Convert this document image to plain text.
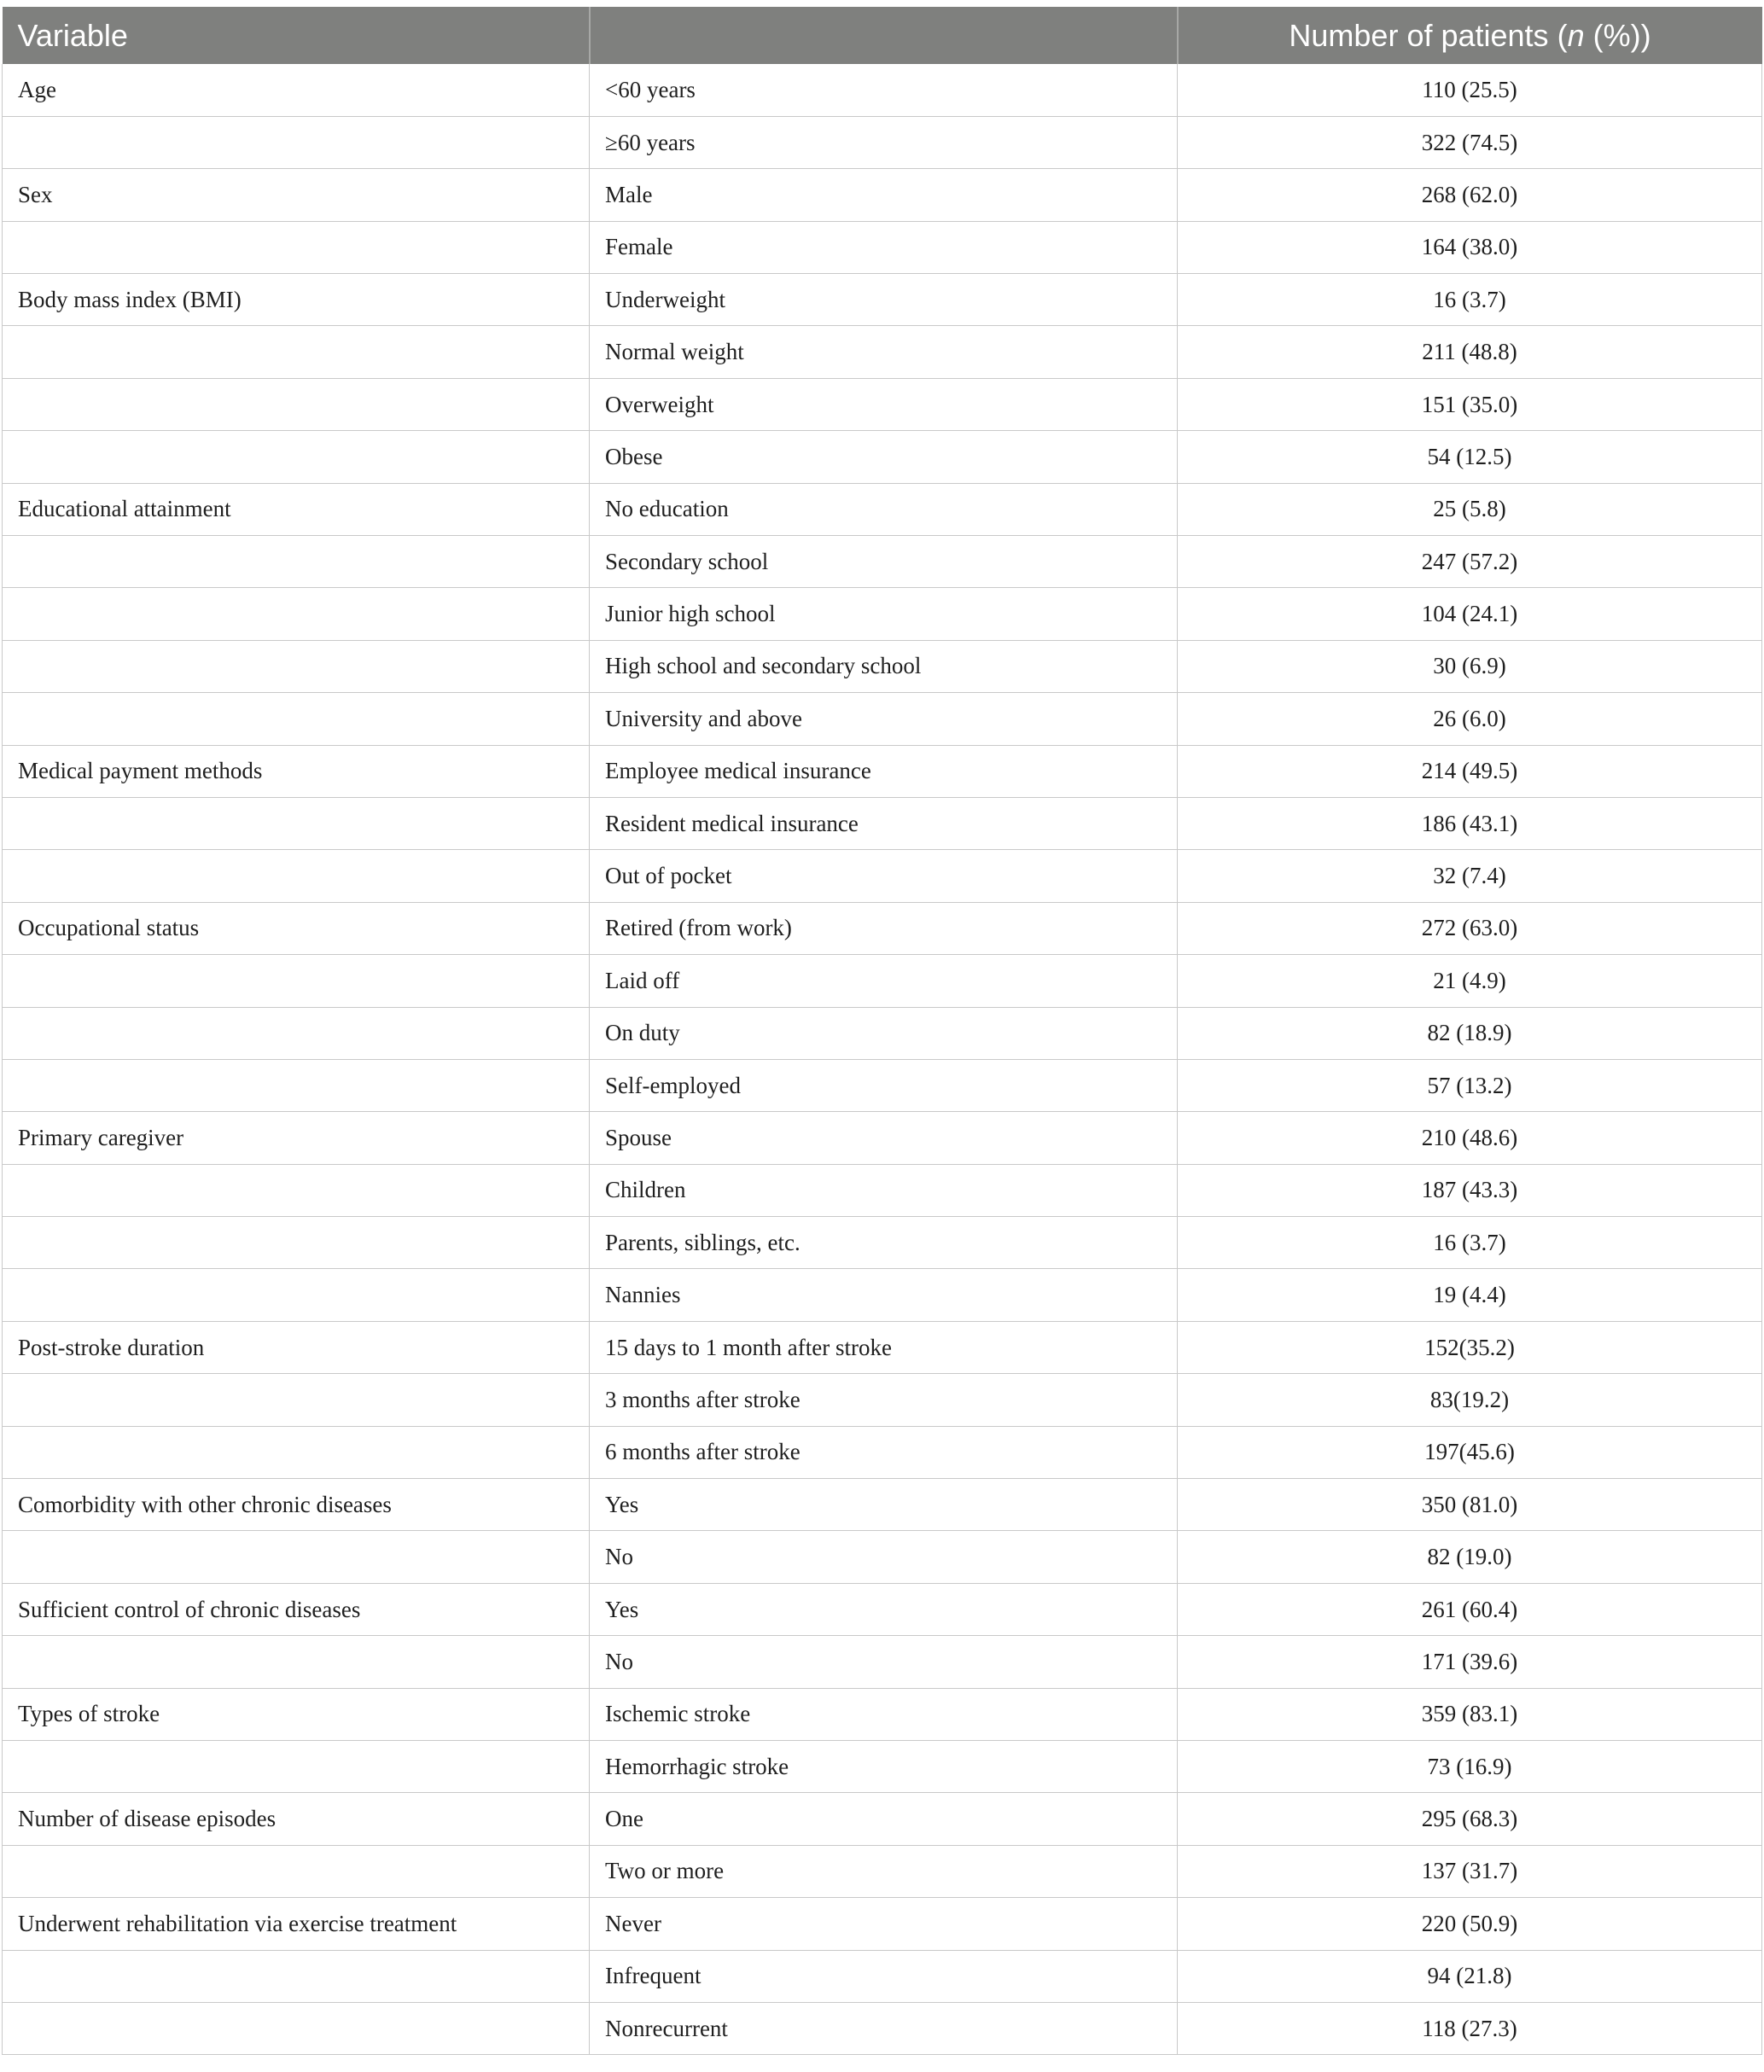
Variable		Number of patients (n (%))
Age	<60 years	110 (25.5)
	≥60 years	322 (74.5)
Sex	Male	268 (62.0)
	Female	164 (38.0)
Body mass index (BMI)	Underweight	16 (3.7)
	Normal weight	211 (48.8)
	Overweight	151 (35.0)
	Obese	54 (12.5)
Educational attainment	No education	25 (5.8)
	Secondary school	247 (57.2)
	Junior high school	104 (24.1)
	High school and secondary school	30 (6.9)
	University and above	26 (6.0)
Medical payment methods	Employee medical insurance	214 (49.5)
	Resident medical insurance	186 (43.1)
	Out of pocket	32 (7.4)
Occupational status	Retired (from work)	272 (63.0)
	Laid off	21 (4.9)
	On duty	82 (18.9)
	Self-employed	57 (13.2)
Primary caregiver	Spouse	210 (48.6)
	Children	187 (43.3)
	Parents, siblings, etc.	16 (3.7)
	Nannies	19 (4.4)
Post-stroke duration	15 days to 1 month after stroke	152(35.2)
	3 months after stroke	83(19.2)
	6 months after stroke	197(45.6)
Comorbidity with other chronic diseases	Yes	350 (81.0)
	No	82 (19.0)
Sufficient control of chronic diseases	Yes	261 (60.4)
	No	171 (39.6)
Types of stroke	Ischemic stroke	359 (83.1)
	Hemorrhagic stroke	73 (16.9)
Number of disease episodes	One	295 (68.3)
	Two or more	137 (31.7)
Underwent rehabilitation via exercise treatment	Never	220 (50.9)
	Infrequent	94 (21.8)
	Nonrecurrent	118 (27.3)
